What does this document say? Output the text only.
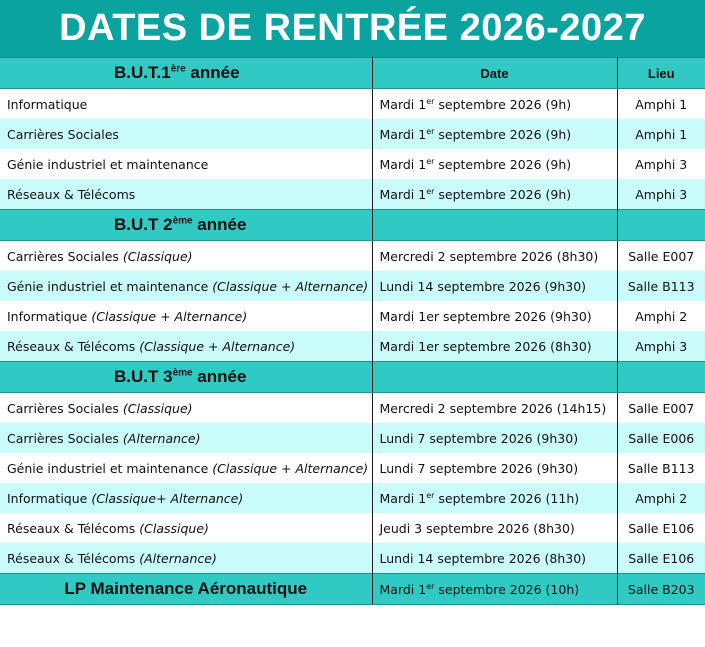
DATES DE RENTRÉE 2026-2027
B.U.T.1ère année	Date	Lieu
Informatique	Mardi 1er septembre 2026 (9h)	Amphi 1
Carrières Sociales	Mardi 1er septembre 2026 (9h)	Amphi 1
Génie industriel et maintenance	Mardi 1er septembre 2026 (9h)	Amphi 3
Réseaux & Télécoms	Mardi 1er septembre 2026 (9h)	Amphi 3
B.U.T 2ème année		
Carrières Sociales (Classique)	Mercredi 2 septembre 2026 (8h30)	Salle E007
Génie industriel et maintenance (Classique + Alternance)	Lundi 14 septembre 2026 (9h30)	Salle B113
Informatique (Classique + Alternance)	Mardi 1er septembre 2026 (9h30)	Amphi 2
Réseaux & Télécoms (Classique + Alternance)	Mardi 1er septembre 2026 (8h30)	Amphi 3
B.U.T 3ème année		
Carrières Sociales (Classique)	Mercredi 2 septembre 2026 (14h15)	Salle E007
Carrières Sociales (Alternance)	Lundi 7 septembre 2026 (9h30)	Salle E006
Génie industriel et maintenance (Classique + Alternance)	Lundi 7 septembre 2026 (9h30)	Salle B113
Informatique (Classique+ Alternance)	Mardi 1er septembre 2026 (11h)	Amphi 2
Réseaux & Télécoms (Classique)	Jeudi 3 septembre 2026 (8h30)	Salle E106
Réseaux & Télécoms (Alternance)	Lundi 14 septembre 2026 (8h30)	Salle E106
LP Maintenance Aéronautique	Mardi 1er septembre 2026 (10h)	Salle B203
